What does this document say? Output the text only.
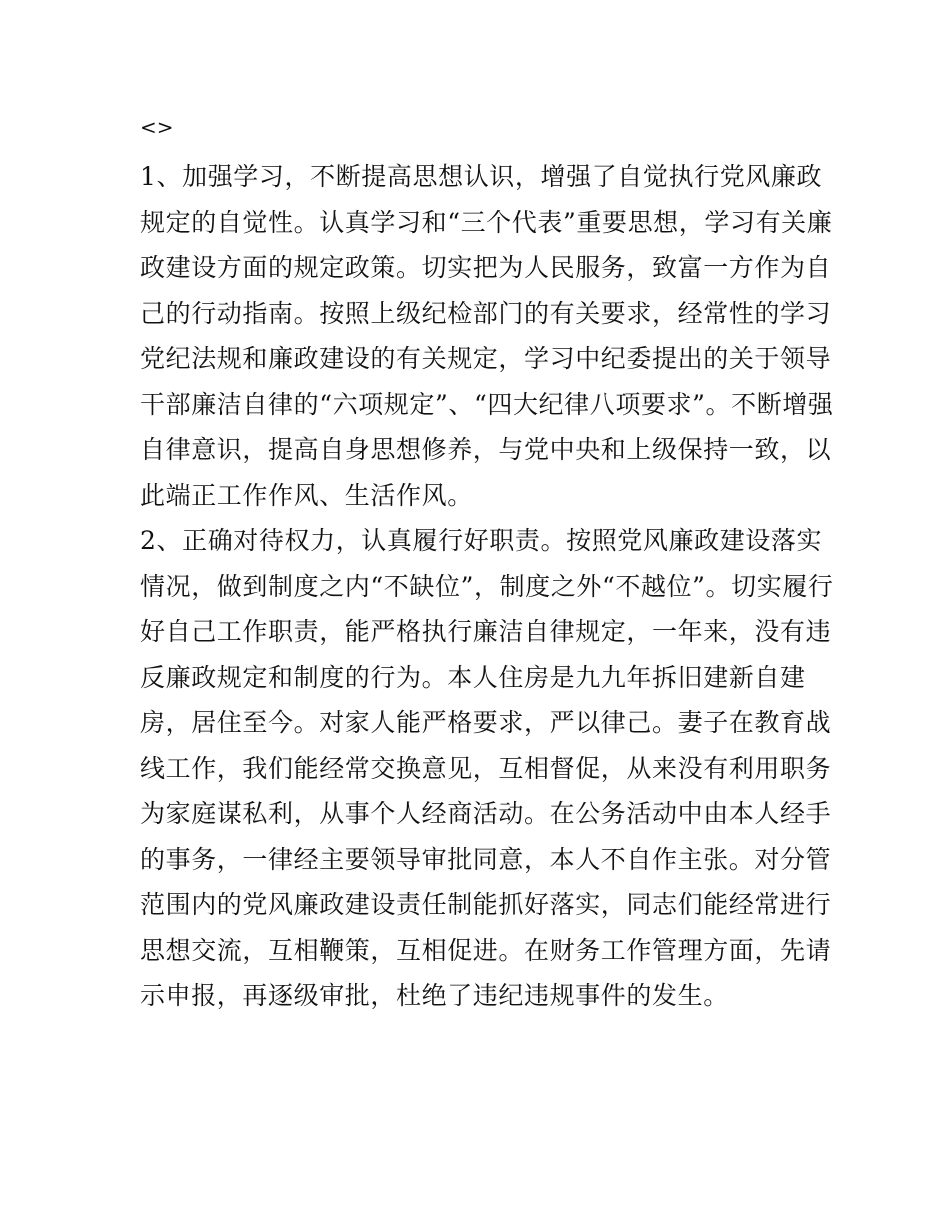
<>
1、加强学习，不断提高思想认识，增强了自觉执行党风廉政
规定的自觉性。认真学习和“三个代表”重要思想，学习有关廉
政建设方面的规定政策。切实把为人民服务，致富一方作为自
己的行动指南。按照上级纪检部门的有关要求，经常性的学习
党纪法规和廉政建设的有关规定，学习中纪委提出的关于领导
干部廉洁自律的“六项规定”、“四大纪律八项要求”。不断增强
自律意识，提高自身思想修养，与党中央和上级保持一致，以
此端正工作作风、生活作风。
2、正确对待权力，认真履行好职责。按照党风廉政建设落实
情况，做到制度之内“不缺位”，制度之外“不越位”。切实履行
好自己工作职责，能严格执行廉洁自律规定，一年来，没有违
反廉政规定和制度的行为。本人住房是九九年拆旧建新自建
房，居住至今。对家人能严格要求，严以律己。妻子在教育战
线工作，我们能经常交换意见，互相督促，从来没有利用职务
为家庭谋私利，从事个人经商活动。在公务活动中由本人经手
的事务，一律经主要领导审批同意，本人不自作主张。对分管
范围内的党风廉政建设责任制能抓好落实，同志们能经常进行
思想交流，互相鞭策，互相促进。在财务工作管理方面，先请
示申报，再逐级审批，杜绝了违纪违规事件的发生。
